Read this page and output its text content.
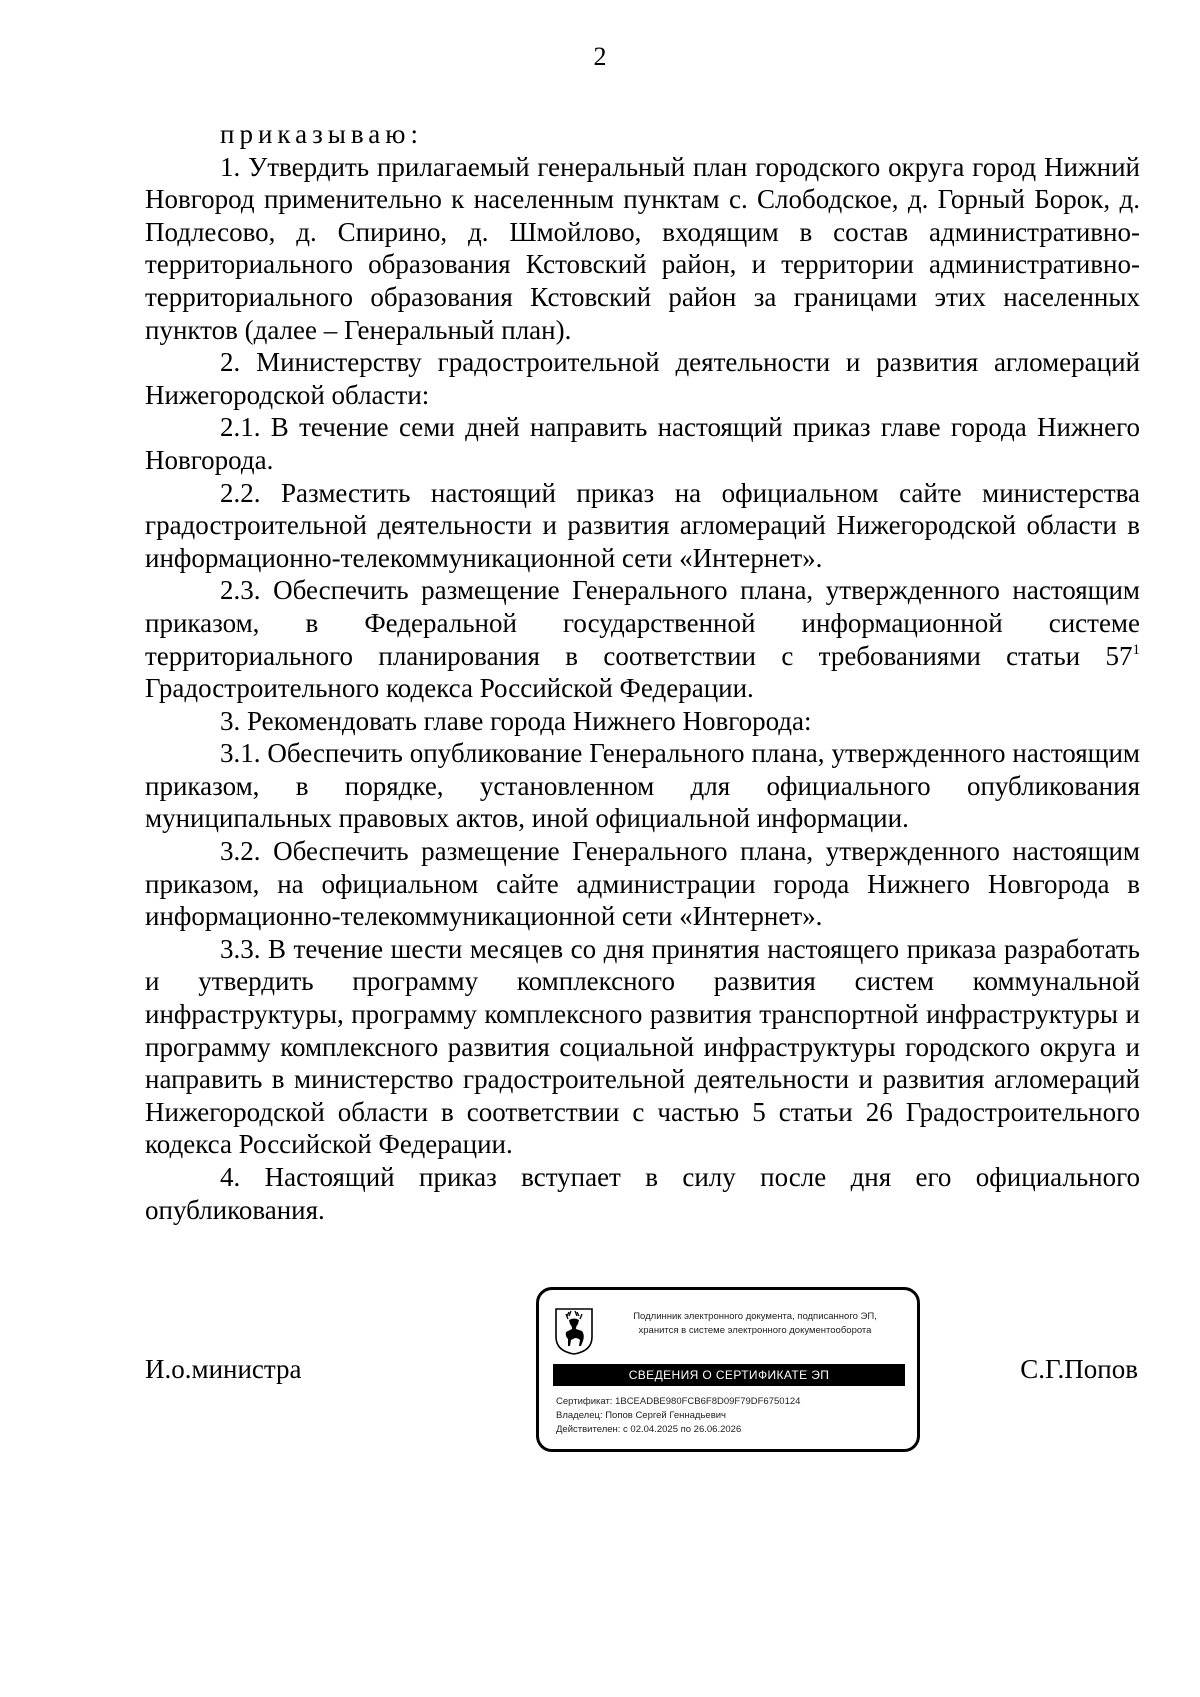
2

приказываю:

1. Утвердить прилагаемый генеральный план городского округа город Нижний Новгород применительно к населенным пунктам с. Слободское, д. Горный Борок, д. Подлесово, д. Спирино, д. Шмойлово, входящим в состав административно-территориального образования Кстовский район, и территории административно-территориального образования Кстовский район за границами этих населенных пунктов (далее – Генеральный план).

2. Министерству градостроительной деятельности и развития агломераций Нижегородской области:

2.1. В течение семи дней направить настоящий приказ главе города Нижнего Новгорода.

2.2. Разместить настоящий приказ на официальном сайте министерства градостроительной деятельности и развития агломераций Нижегородской области в информационно-телекоммуникационной сети «Интернет».

2.3. Обеспечить размещение Генерального плана, утвержденного настоящим приказом, в Федеральной государственной информационной системе территориального планирования в соответствии с требованиями статьи $57^1$ Градостроительного кодекса Российской Федерации.

3. Рекомендовать главе города Нижнего Новгорода:

3.1. Обеспечить опубликование Генерального плана, утвержденного настоящим приказом, в порядке, установленном для официального опубликования муниципальных правовых актов, иной официальной информации.

3.2. Обеспечить размещение Генерального плана, утвержденного настоящим приказом, на официальном сайте администрации города Нижнего Новгорода в информационно-телекоммуникационной сети «Интернет».

3.3. В течение шести месяцев со дня принятия настоящего приказа разработать и утвердить программу комплексного развития систем коммунальной инфраструктуры, программу комплексного развития транспортной инфраструктуры и программу комплексного развития социальной инфраструктуры городского округа и направить в министерство градостроительной деятельности и развития агломераций Нижегородской области в соответствии с частью 5 статьи 26 Градостроительного кодекса Российской Федерации.

4. Настоящий приказ вступает в силу после дня его официального опубликования.

И.о.министра
Подлинник электронного документа, подписанного ЭП,
хранится в системе электронного документооборота
СВЕДЕНИЯ О СЕРТИФИКАТЕ ЭП
Сертификат: 1BCEADBE980FCB6F8D09F79DF6750124
Владелец: Попов Сергей Геннадьевич
Действителен: с 02.04.2025 по 26.06.2026
С.Г.Попов
